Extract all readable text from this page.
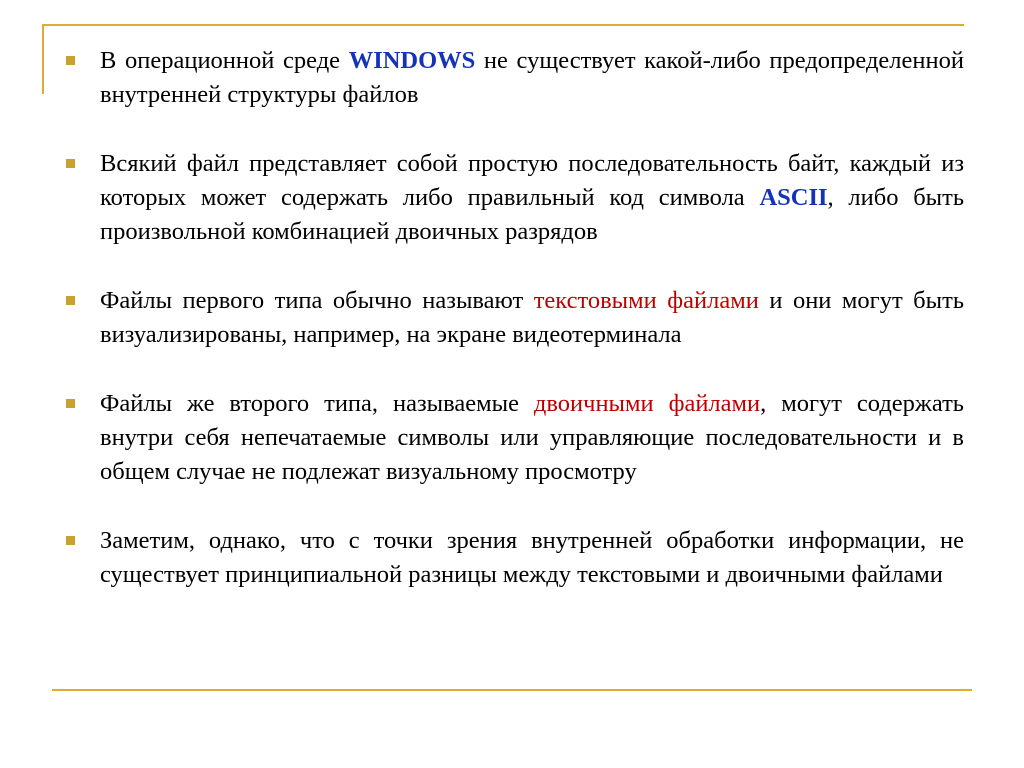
В операционной среде WINDOWS не существует какой-либо предопределенной внутренней структуры файлов
Всякий файл представляет собой простую последовательность байт, каждый из которых может содержать либо правильный код символа ASCII, либо быть произвольной комбинацией двоичных разрядов
Файлы первого типа обычно называют текстовыми файлами и они могут быть визуализированы, например, на экране видеотерминала
Файлы же второго типа, называемые двоичными файлами, могут содержать внутри себя непечатаемые символы или управляющие последовательности и в общем случае не подлежат визуальному просмотру
Заметим, однако, что с точки зрения внутренней обработки информации, не существует принципиальной разницы между текстовыми и двоичными файлами
